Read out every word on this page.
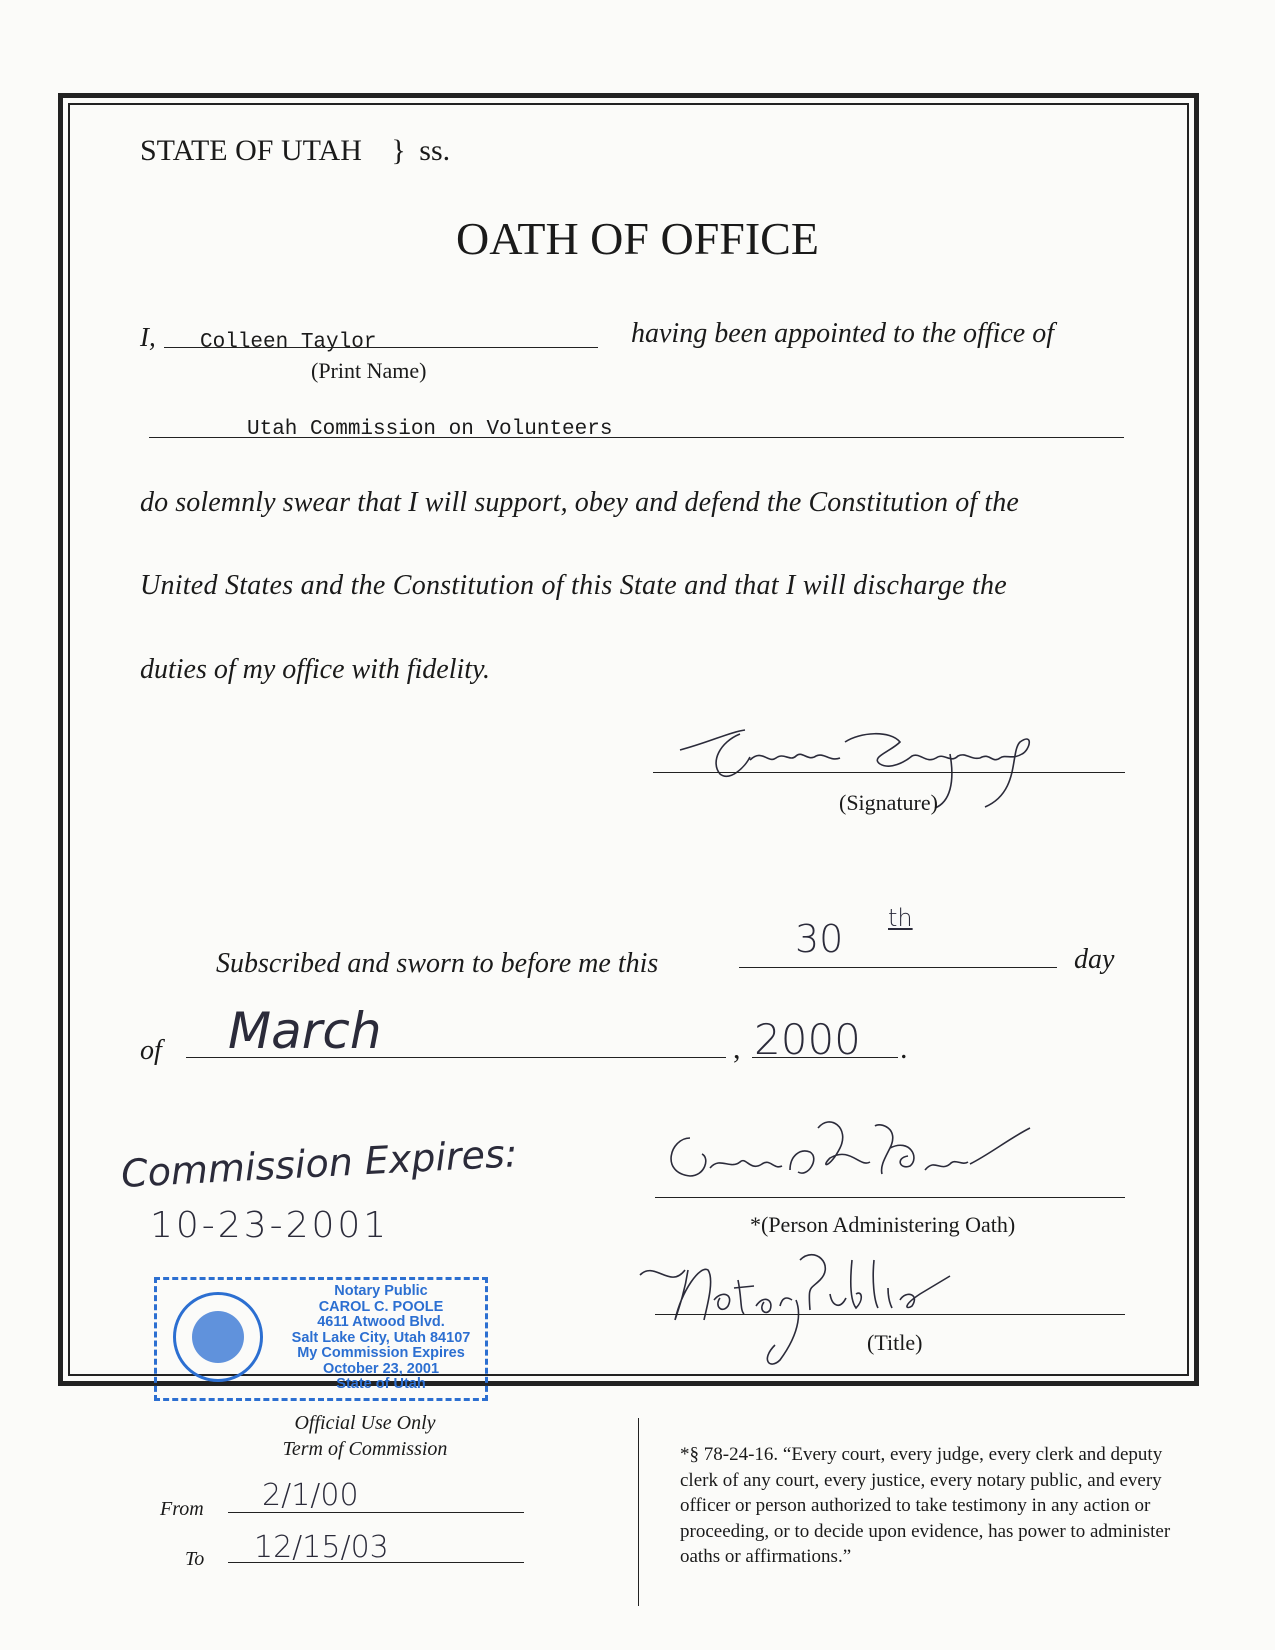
STATE OF UTAH } ss.
OATH OF OFFICE
I, Colleen Taylor
(Print Name)
having been appointed to the office of
Utah Commission on Volunteers
do solemnly swear that I will support, obey and defend the Constitution of the
United States and the Constitution of this State and that I will discharge the
duties of my office with fidelity.
(Signature)
Subscribed and sworn to before me this
30 th
day
of March	, 2000 .
Commission Expires:
10-23-2001	*(Person Administering Oath)
(Title)
Notary Public
CAROL C. POOLE
4611 Atwood Blvd.
Salt Lake City, Utah 84107
My Commission Expires
October 23, 2001
State of Utah
Official Use Only
Term of Commission
From 2/1/00
To 12/15/03
*§ 78-24-16. “Every court, every judge, every clerk and deputy clerk of any court, every justice, every notary public, and every officer or person authorized to take testimony in any action or proceeding, or to decide upon evidence, has power to administer oaths or affirmations.”
